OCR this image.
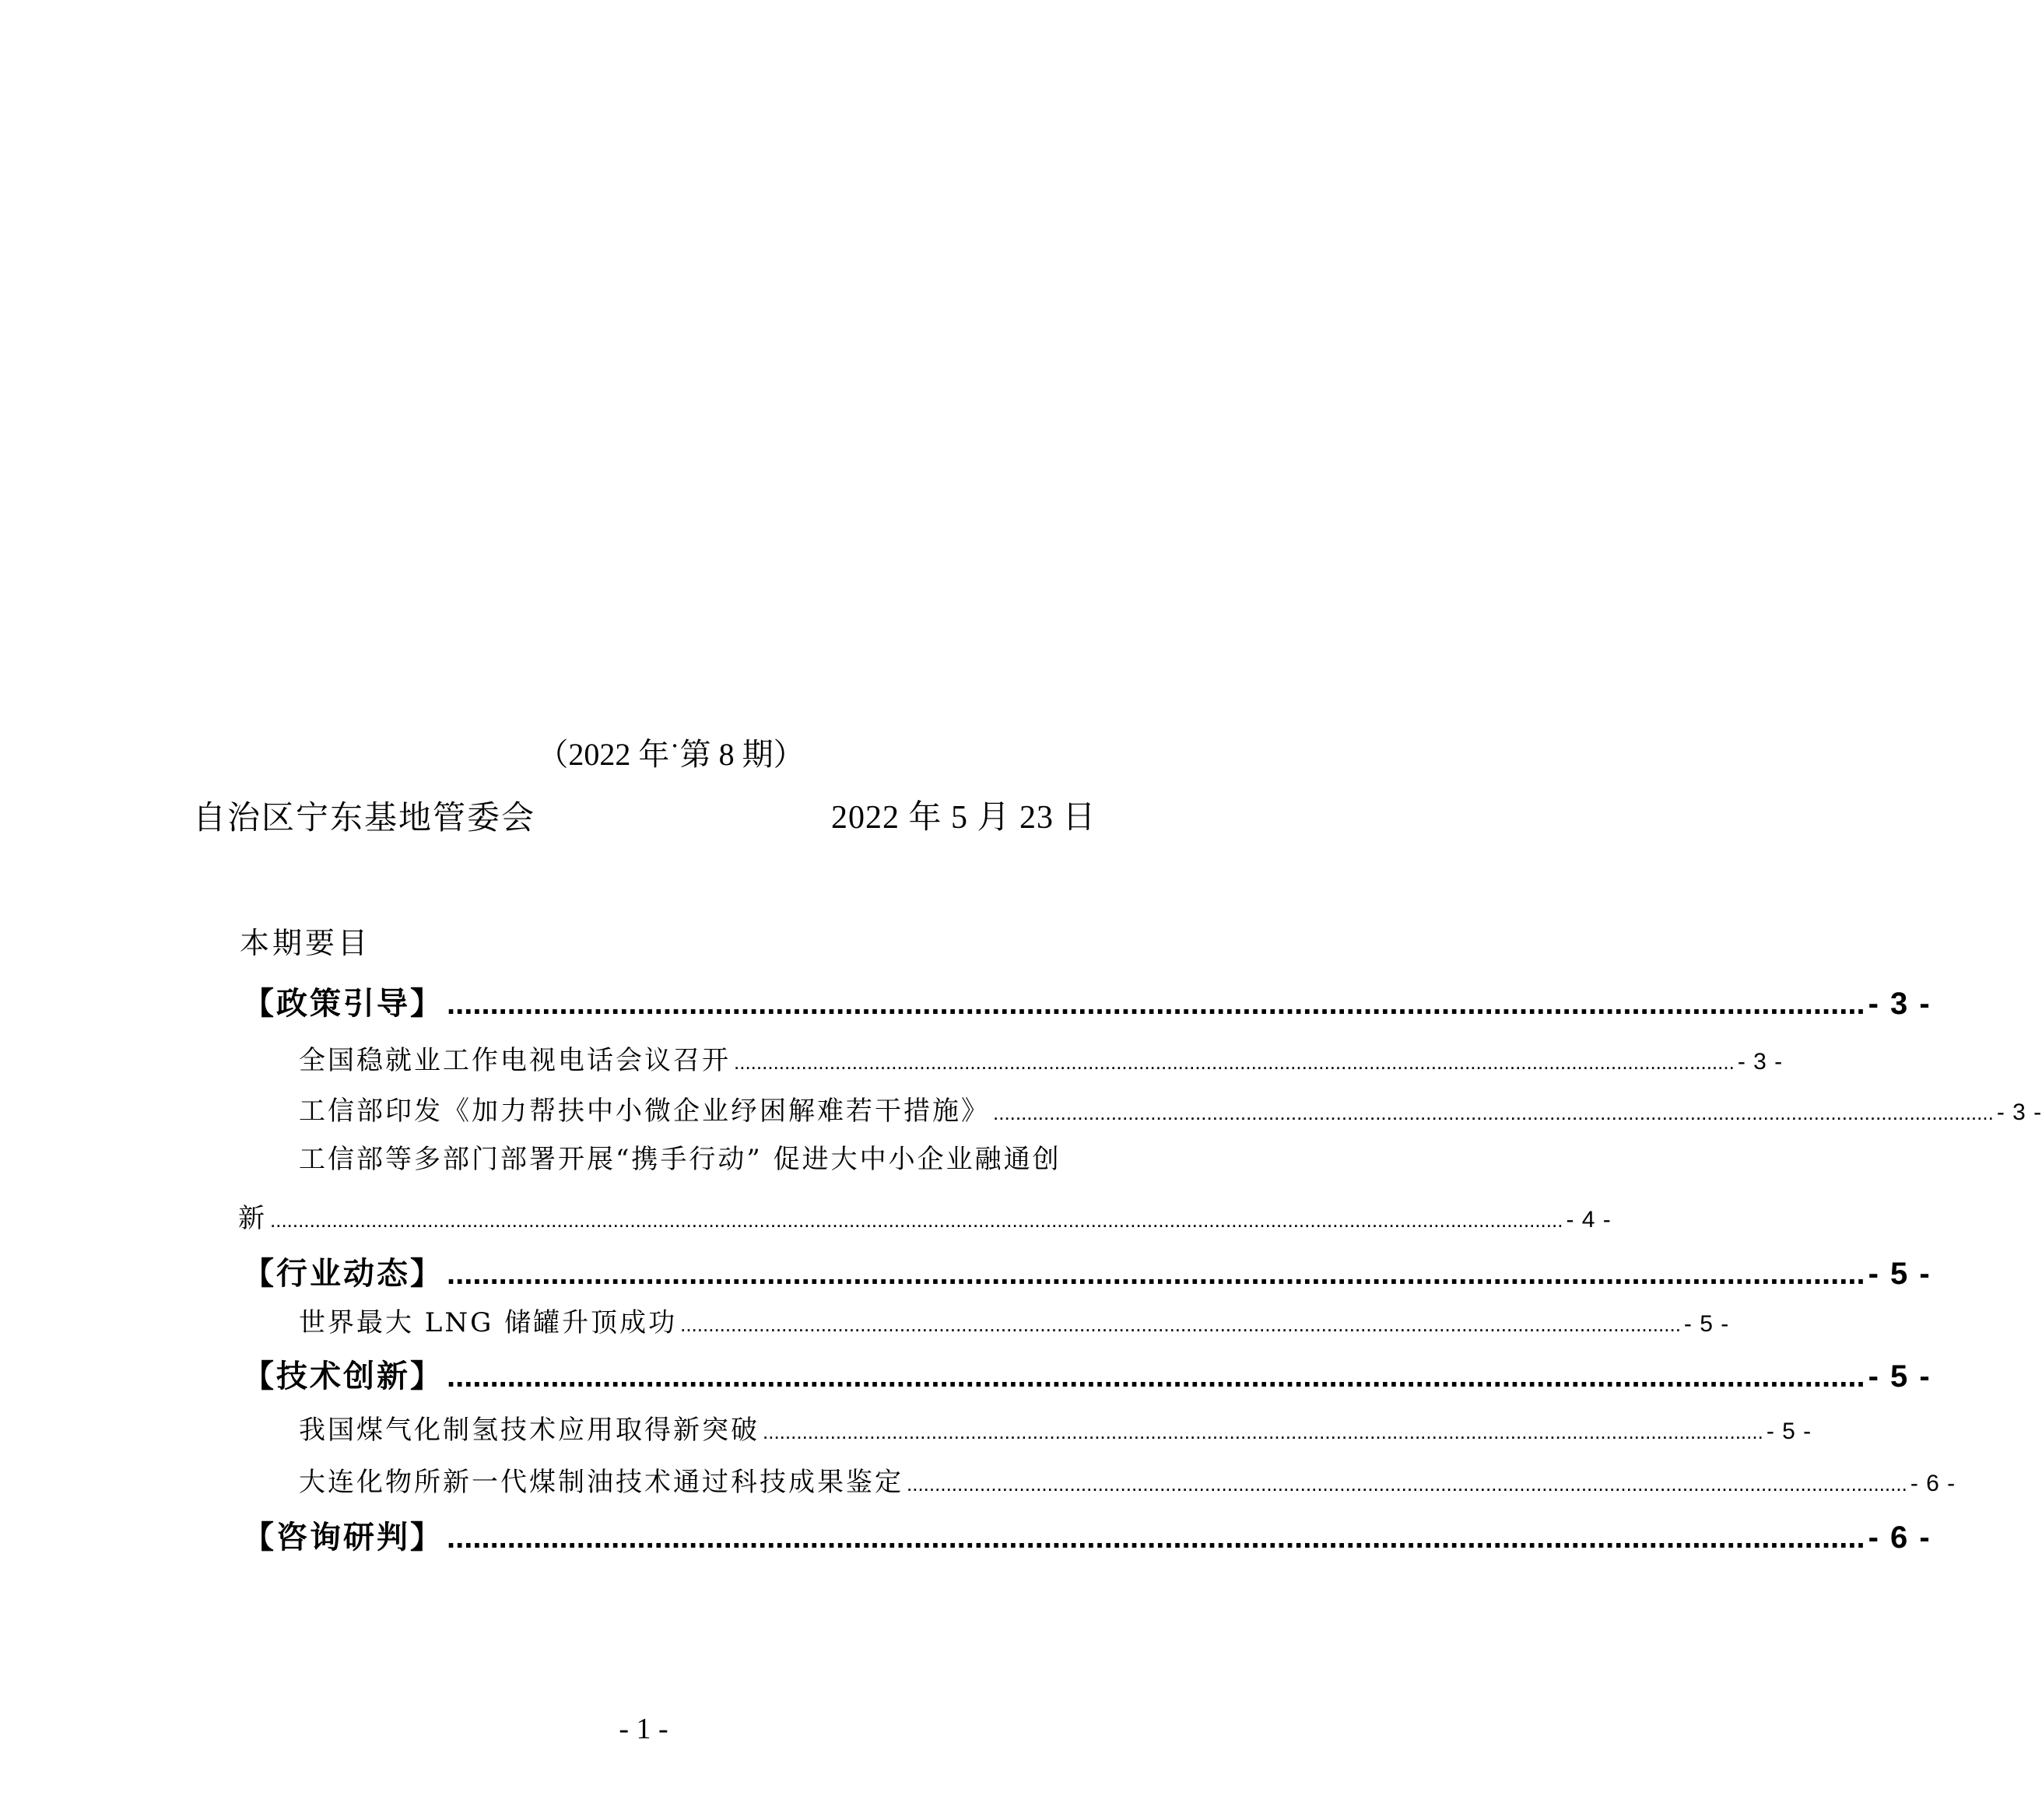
（2022 年˙第 8 期）
自治区宁东基地管委会	2022 年 5 月 23 日
本期要目
【政策引导】 .................................................................................................................................................................... - 3 -
全国稳就业工作电视电话会议召开 .................................................................................................................................................................................. - 3 -
工信部印发《加力帮扶中小微企业纾困解难若干措施》 .................................................................................................................................................................................. - 3 -
工信部等多部门部署开展“携手行动” 促进大中小企业融通创
新 ...................................................................................................................................................................................................................................... - 4 -
【行业动态】 .................................................................................................................................................................... - 5 -
世界最大 LNG 储罐升顶成功 .................................................................................................................................................................................. - 5 -
【技术创新】 .................................................................................................................................................................... - 5 -
我国煤气化制氢技术应用取得新突破 .................................................................................................................................................................................. - 5 -
大连化物所新一代煤制油技术通过科技成果鉴定 .................................................................................................................................................................................. - 6 -
【咨询研判】 .................................................................................................................................................................... - 6 -
- 1 -
